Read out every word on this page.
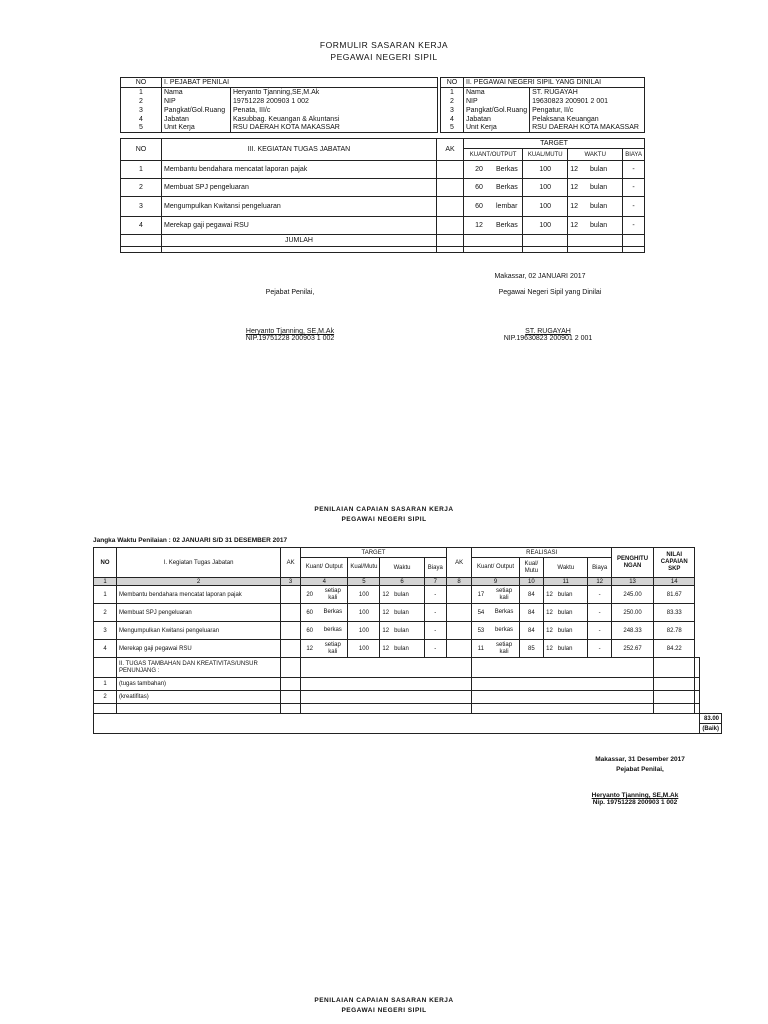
FORMULIR SASARAN KERJA
PEGAWAI NEGERI SIPIL
NO	I. PEJABAT PENILAI	
1	Nama	Heryanto Tjanning,SE,M.Ak
2	NIP	19751228 200903 1 002
3	Pangkat/Gol.Ruang	Penata, III/c
4	Jabatan	Kasubbag. Keuangan & Akuntansi
5	Unit Kerja	RSU DAERAH KOTA MAKASSAR
NO	II. PEGAWAI NEGERI SIPIL YANG DINILAI	
1	Nama	ST. RUGAYAH
2	NIP	19630823 200901 2 001
3	Pangkat/Gol.Ruang	Pengatur, II/c
4	Jabatan	Pelaksana Keuangan
5	Unit Kerja	RSU DAERAH KOTA MAKASSAR
NO	III. KEGIATAN TUGAS JABATAN	AK	TARGET				
			KUANT/OUTPUT		KUAL/MUTU	WAKTU	BIAYA
1	Membantu bendahara mencatat laporan pajak		20	Berkas	100	12 bulan	-
2	Membuat SPJ pengeluaran		60	Berkas	100	12 bulan	-
3	Mengumpulkan Kwitansi pengeluaran		60	lembar	100	12 bulan	-
4	Merekap gaji pegawai RSU		12	Berkas	100	12 bulan	-
	JUMLAH						

Makassar, 02 JANUARI 2017
Pejabat Penilai,	Pegawai Negeri Sipil yang Dinilai
Heryanto Tjanning, SE,M.Ak
NIP.19751228 200903 1 002
ST. RUGAYAH
NIP.19630823 200901 2 001
PENILAIAN CAPAIAN SASARAN KERJA
PEGAWAI NEGERI SIPIL
Jangka Waktu Penilaian : 02 JANUARI S/D 31 DESEMBER 2017
NO	I. Kegiatan Tugas Jabatan	AK	TARGET					AK	REALISASI					PENGHITU NGAN	NILAI CAPAIAN SKP		
			Kuant/ Output		Kual/Mutu	Waktu	Biaya		Kuant/ Output		Kual/ Mutu	Waktu	Biaya				
1	2	3	4		5	6	7	8	9		10	11	12	13	14		
1	Membantu bendahara mencatat laporan pajak		20	setiap kali	100	12 bulan	-		17	setiap kali	84	12 bulan	-	245.00	81.67		
2	Membuat SPJ pengeluaran		60	Berkas	100	12 bulan	-		54	Berkas	84	12 bulan	-	250.00	83.33		
3	Mengumpulkan Kwitansi pengeluaran		60	berkas	100	12 bulan	-		53	berkas	84	12 bulan	-	248.33	82.78		
4	Merekap gaji pegawai RSU		12	setiap kali	100	12 bulan	-		11	setiap kali	85	12 bulan	-	252.67	84.22		
	II. TUGAS TAMBAHAN DAN KREATIVITAS/UNSUR PENUNJANG :																
1	(tugas tambahan)																
2	(kreatifitas)																

																	83.00
																	(Baik)
Makassar, 31 Desember 2017
Pejabat Penilai,
Heryanto Tjanning, SE,M.Ak
Nip. 19751228 200903 1 002
PENILAIAN CAPAIAN SASARAN KERJA
PEGAWAI NEGERI SIPIL
